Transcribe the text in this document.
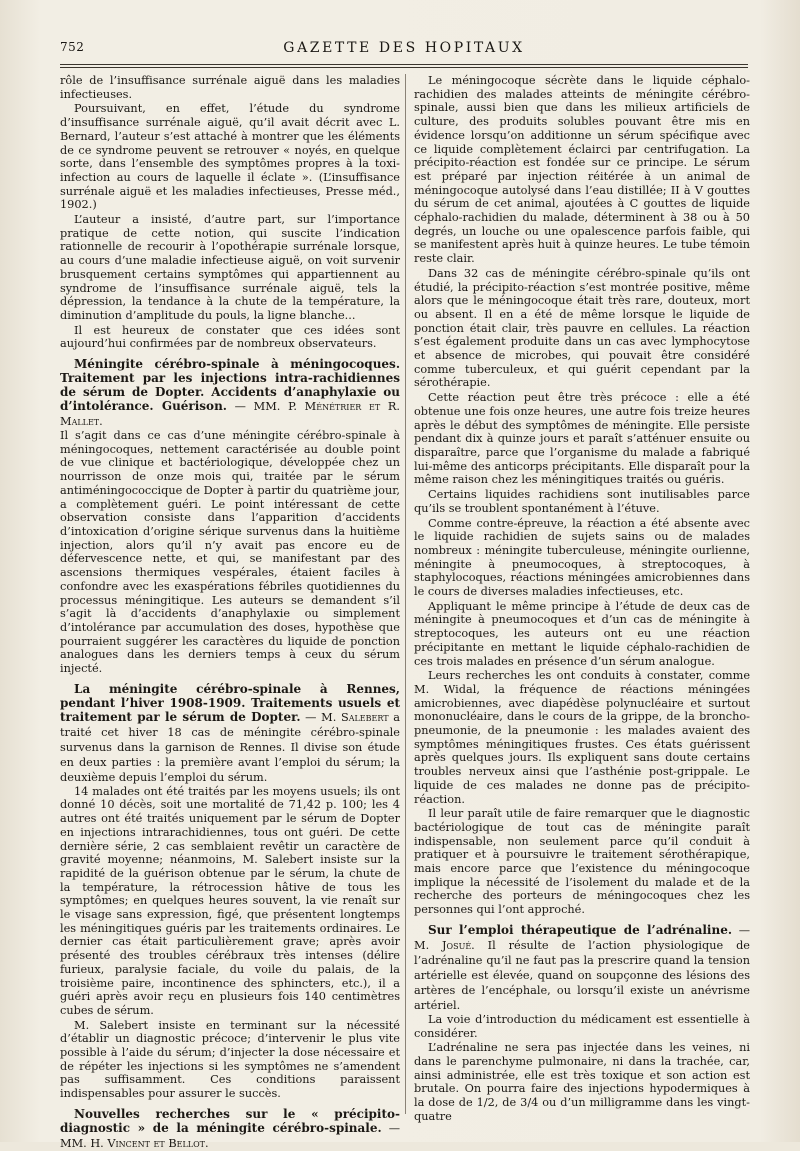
752	GAZETTE DES HOPITAUX

rôle de l’insuffisance surrénale aiguë dans les maladies infectieuses.

Poursuivant, en effet, l’étude du syndrome d’insuffisance surrénale aiguë, qu’il avait décrit avec L. Bernard, l’auteur s’est attaché à montrer que les éléments de ce syndrome peuvent se retrouver « noyés, en quelque sorte, dans l’ensemble des symptômes propres à la toxi-infection au cours de laquelle il éclate ». (L’insuffisance surrénale aiguë et les maladies infectieuses, Presse méd., 1902.)

L’auteur a insisté, d’autre part, sur l’importance pratique de cette notion, qui suscite l’indication rationnelle de recourir à l’opothérapie surrénale lorsque, au cours d’une maladie infectieuse aiguë, on voit survenir brusquement certains symptômes qui appartiennent au syndrome de l’insuffisance surrénale aiguë, tels la dépression, la tendance à la chute de la température, la diminution d’amplitude du pouls, la ligne blanche...

Il est heureux de constater que ces idées sont aujourd’hui confirmées par de nombreux observateurs.

Méningite cérébro-spinale à méningocoques. Traitement par les injections intra-rachidiennes de sérum de Dopter. Accidents d’anaphylaxie ou d’intolérance. Guérison. — MM. P. Ménétrier et R. Mallet.

Il s’agit dans ce cas d’une méningite cérébro-spinale à méningocoques, nettement caractérisée au double point de vue clinique et bactériologique, développée chez un nourrisson de onze mois qui, traitée par le sérum antiméningococcique de Dopter à partir du quatrième jour, a complètement guéri. Le point intéressant de cette observation consiste dans l’apparition d’accidents d’intoxication d’origine sérique survenus dans la huitième injection, alors qu’il n’y avait pas encore eu de défervescence nette, et qui, se manifestant par des ascensions thermiques vespérales, étaient faciles à confondre avec les exaspérations fébriles quotidiennes du processus méningitique. Les auteurs se demandent s’il s’agit là d’accidents d’anaphylaxie ou simplement d’intolérance par accumulation des doses, hypothèse que pourraient suggérer les caractères du liquide de ponction analogues dans les derniers temps à ceux du sérum injecté.

La méningite cérébro-spinale à Rennes, pendant l’hiver 1908-1909. Traitements usuels et traitement par le sérum de Dopter. — M. Salebert a traité cet hiver 18 cas de méningite cérébro-spinale survenus dans la garnison de Rennes. Il divise son étude en deux parties : la première avant l’emploi du sérum; la deuxième depuis l’emploi du sérum.

14 malades ont été traités par les moyens usuels; ils ont donné 10 décès, soit une mortalité de 71,42 p. 100; les 4 autres ont été traités uniquement par le sérum de Dopter en injections intrarachidiennes, tous ont guéri. De cette dernière série, 2 cas semblaient revêtir un caractère de gravité moyenne; néanmoins, M. Salebert insiste sur la rapidité de la guérison obtenue par le sérum, la chute de la température, la rétrocession hâtive de tous les symptômes; en quelques heures souvent, la vie renaît sur le visage sans expression, figé, que présentent longtemps les méningitiques guéris par les traitements ordinaires. Le dernier cas était particulièrement grave; après avoir présenté des troubles cérébraux très intenses (délire furieux, paralysie faciale, du voile du palais, de la troisième paire, incontinence des sphincters, etc.), il a guéri après avoir reçu en plusieurs fois 140 centimètres cubes de sérum.

M. Salebert insiste en terminant sur la nécessité d’établir un diagnostic précoce; d’intervenir le plus vite possible à l’aide du sérum; d’injecter la dose nécessaire et de répéter les injections si les symptômes ne s’amendent pas suffisamment. Ces conditions paraissent indispensables pour assurer le succès.

Nouvelles recherches sur le « précipito-diagnostic » de la méningite cérébro-spinale. — MM. H. Vincent et Bellot.

Le méningocoque sécrète dans le liquide céphalo-rachidien des malades atteints de méningite cérébro-spinale, aussi bien que dans les milieux artificiels de culture, des produits solubles pouvant être mis en évidence lorsqu’on additionne un sérum spécifique avec ce liquide complètement éclairci par centrifugation. La précipito-réaction est fondée sur ce principe. Le sérum est préparé par injection réitérée à un animal de méningocoque autolysé dans l’eau distillée; II à V gouttes du sérum de cet animal, ajoutées à C gouttes de liquide céphalo-rachidien du malade, déterminent à 38 ou à 50 degrés, un louche ou une opalescence parfois faible, qui se manifestent après huit à quinze heures. Le tube témoin reste clair.

Dans 32 cas de méningite cérébro-spinale qu’ils ont étudié, la précipito-réaction s’est montrée positive, même alors que le méningocoque était très rare, douteux, mort ou absent. Il en a été de même lorsque le liquide de ponction était clair, très pauvre en cellules. La réaction s’est également produite dans un cas avec lymphocytose et absence de microbes, qui pouvait être considéré comme tuberculeux, et qui guérit cependant par la sérothérapie.

Cette réaction peut être très précoce : elle a été obtenue une fois onze heures, une autre fois treize heures après le début des symptômes de méningite. Elle persiste pendant dix à quinze jours et paraît s’atténuer ensuite ou disparaître, parce que l’organisme du malade a fabriqué lui-même des anticorps précipitants. Elle disparaît pour la même raison chez les méningitiques traités ou guéris.

Certains liquides rachidiens sont inutilisables parce qu’ils se troublent spontanément à l’étuve.

Comme contre-épreuve, la réaction a été absente avec le liquide rachidien de sujets sains ou de malades nombreux : méningite tuberculeuse, méningite ourlienne, méningite à pneumocoques, à streptocoques, à staphylocoques, réactions méningées amicrobiennes dans le cours de diverses maladies infectieuses, etc.

Appliquant le même principe à l’étude de deux cas de méningite à pneumocoques et d’un cas de méningite à streptocoques, les auteurs ont eu une réaction précipitante en mettant le liquide céphalo-rachidien de ces trois malades en présence d’un sérum analogue.

Leurs recherches les ont conduits à constater, comme M. Widal, la fréquence de réactions méningées amicrobiennes, avec diapédèse polynucléaire et surtout mononucléaire, dans le cours de la grippe, de la broncho-pneumonie, de la pneumonie : les malades avaient des symptômes méningitiques frustes. Ces états guérissent après quelques jours. Ils expliquent sans doute certains troubles nerveux ainsi que l’asthénie post-grippale. Le liquide de ces malades ne donne pas de précipito-réaction.

Il leur paraît utile de faire remarquer que le diagnostic bactériologique de tout cas de méningite paraît indispensable, non seulement parce qu’il conduit à pratiquer et à poursuivre le traitement sérothérapique, mais encore parce que l’existence du méningocoque implique la nécessité de l’isolement du malade et de la recherche des porteurs de méningocoques chez les personnes qui l’ont approché.

Sur l’emploi thérapeutique de l’adrénaline. — M. Josué. Il résulte de l’action physiologique de l’adrénaline qu’il ne faut pas la prescrire quand la tension artérielle est élevée, quand on soupçonne des lésions des artères de l’encéphale, ou lorsqu’il existe un anévrisme artériel.

La voie d’introduction du médicament est essentielle à considérer.

L’adrénaline ne sera pas injectée dans les veines, ni dans le parenchyme pulmonaire, ni dans la trachée, car, ainsi administrée, elle est très toxique et son action est brutale. On pourra faire des injections hypodermiques à la dose de 1/2, de 3/4 ou d’un milligramme dans les vingt-quatre
